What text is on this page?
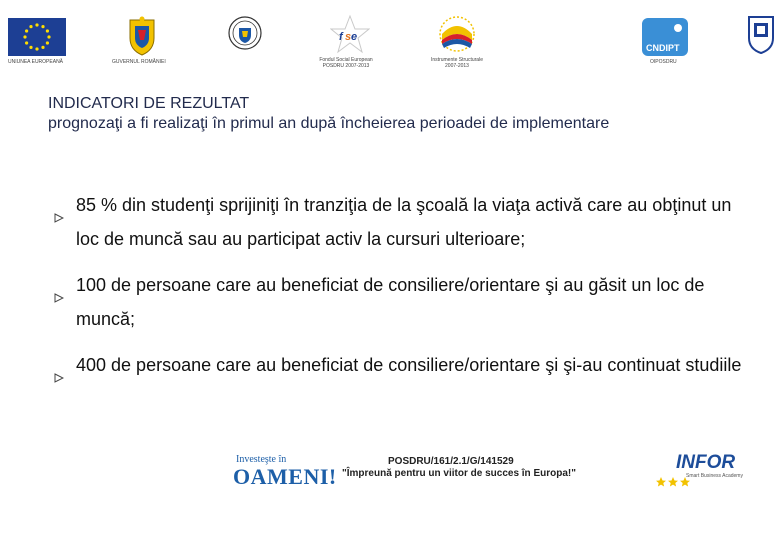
UNIUNEA EUROPEANĂ	GUVERNUL ROMÂNIEI
f s e
Fondul Social European
POSDRU 2007-2013
Instrumente Structurale
2007-2013
CNDIPT
OIPOSDRU
INDICATORI DE REZULTAT
prognozaţi a fi realizaţi în primul an după încheierea perioadei de implementare
85 % din studenţi sprijiniţi în tranziţia de la şcoală la viaţa activă care au obţinut un loc de muncă sau au participat activ la cursuri ulterioare;
100 de persoane care au beneficiat de consiliere/orientare şi au găsit un loc de muncă;
400 de persoane care au beneficiat de consiliere/orientare şi şi-au continuat studiile
Investeşte în
OAMENI!
POSDRU/161/2.1/G/141529
"Împreună pentru un viitor de succes în Europa!"
INFOR
Smart Business Academy
